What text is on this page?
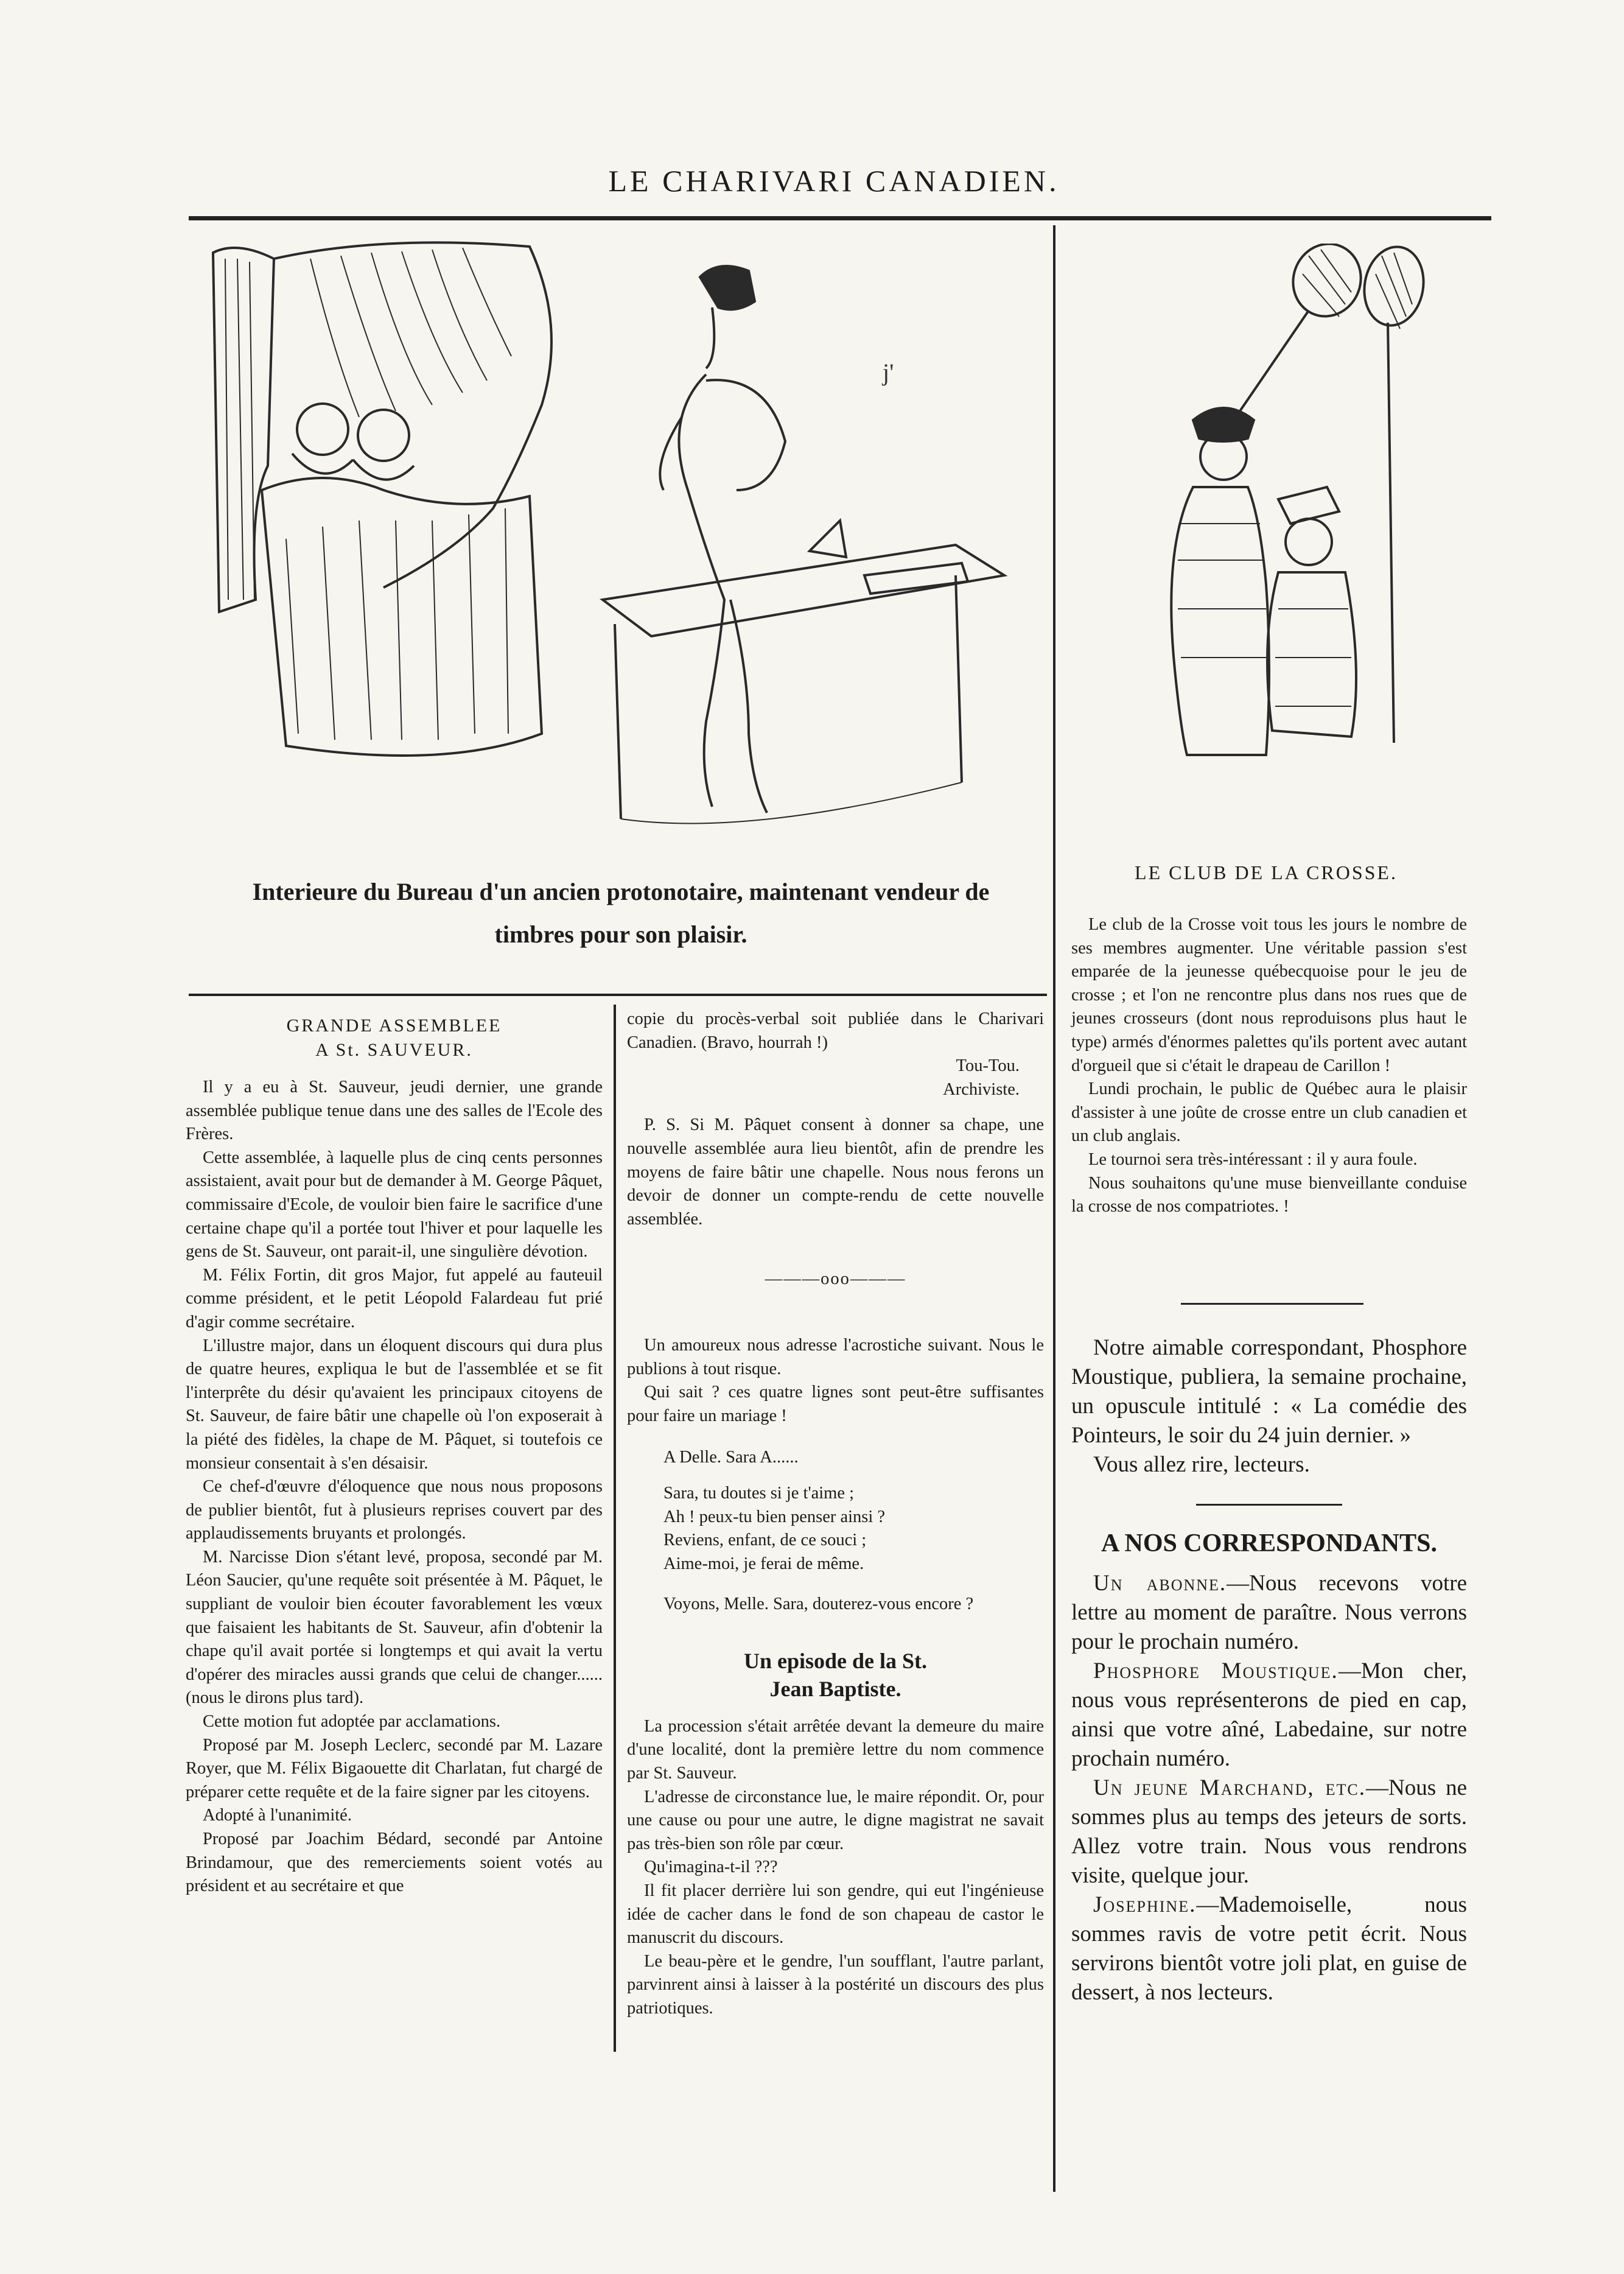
LE CHARIVARI CANADIEN.
j'
Interieure du Bureau d'un ancien protonotaire, maintenant vendeur de timbres pour son plaisir.
LE CLUB DE LA CROSSE.
GRANDE ASSEMBLEE
A St. SAUVEUR.

Il y a eu à St. Sauveur, jeudi dernier, une grande assemblée publique tenue dans une des salles de l'Ecole des Frères.

Cette assemblée, à laquelle plus de cinq cents personnes assistaient, avait pour but de demander à M. George Pâquet, commissaire d'Ecole, de vouloir bien faire le sacrifice d'une certaine chape qu'il a portée tout l'hiver et pour laquelle les gens de St. Sauveur, ont parait-il, une singulière dévotion.

M. Félix Fortin, dit gros Major, fut appelé au fauteuil comme président, et le petit Léopold Falardeau fut prié d'agir comme secrétaire.

L'illustre major, dans un éloquent discours qui dura plus de quatre heures, expliqua le but de l'assemblée et se fit l'interprête du désir qu'avaient les principaux citoyens de St. Sauveur, de faire bâtir une chapelle où l'on exposerait à la piété des fidèles, la chape de M. Pâquet, si toutefois ce monsieur consentait à s'en désaisir.

Ce chef-d'œuvre d'éloquence que nous nous proposons de publier bientôt, fut à plusieurs reprises couvert par des applaudissements bruyants et prolongés.

M. Narcisse Dion s'étant levé, proposa, secondé par M. Léon Saucier, qu'une requête soit présentée à M. Pâquet, le suppliant de vouloir bien écouter favorablement les vœux que faisaient les habitants de St. Sauveur, afin d'obtenir la chape qu'il avait portée si longtemps et qui avait la vertu d'opérer des miracles aussi grands que celui de changer......(nous le dirons plus tard).

Cette motion fut adoptée par acclamations.

Proposé par M. Joseph Leclerc, secondé par M. Lazare Royer, que M. Félix Bigaouette dit Charlatan, fut chargé de préparer cette requête et de la faire signer par les citoyens.

Adopté à l'unanimité.

Proposé par Joachim Bédard, secondé par Antoine Brindamour, que des remerciements soient votés au président et au secrétaire et que

copie du procès-verbal soit publiée dans le Charivari Canadien. (Bravo, hourrah !)

Tou-Tou.
Archiviste.

P. S. Si M. Pâquet consent à donner sa chape, une nouvelle assemblée aura lieu bientôt, afin de prendre les moyens de faire bâtir une chapelle. Nous nous ferons un devoir de donner un compte-rendu de cette nouvelle assemblée.

———ooo———

Un amoureux nous adresse l'acrostiche suivant. Nous le publions à tout risque.

Qui sait ? ces quatre lignes sont peut-être suffisantes pour faire un mariage !

A Delle. Sara A......
Sara, tu doutes si je t'aime ;
Ah ! peux-tu bien penser ainsi ?
Reviens, enfant, de ce souci ;
Aime-moi, je ferai de même.
Voyons, Melle. Sara, douterez-vous encore ?
Un episode de la St.
Jean Baptiste.

La procession s'était arrêtée devant la demeure du maire d'une localité, dont la première lettre du nom commence par St. Sauveur.

L'adresse de circonstance lue, le maire répondit. Or, pour une cause ou pour une autre, le digne magistrat ne savait pas très-bien son rôle par cœur.

Qu'imagina-t-il ???

Il fit placer derrière lui son gendre, qui eut l'ingénieuse idée de cacher dans le fond de son chapeau de castor le manuscrit du discours.

Le beau-père et le gendre, l'un soufflant, l'autre parlant, parvinrent ainsi à laisser à la postérité un discours des plus patriotiques.

Le club de la Crosse voit tous les jours le nombre de ses membres augmenter. Une véritable passion s'est emparée de la jeunesse québecquoise pour le jeu de crosse ; et l'on ne rencontre plus dans nos rues que de jeunes crosseurs (dont nous reproduisons plus haut le type) armés d'énormes palettes qu'ils portent avec autant d'orgueil que si c'était le drapeau de Carillon !

Lundi prochain, le public de Québec aura le plaisir d'assister à une joûte de crosse entre un club canadien et un club anglais.

Le tournoi sera très-intéressant : il y aura foule.

Nous souhaitons qu'une muse bienveillante conduise la crosse de nos compatriotes. !

Notre aimable correspondant, Phosphore Moustique, publiera, la semaine prochaine, un opuscule intitulé : « La comédie des Pointeurs, le soir du 24 juin dernier. »

Vous allez rire, lecteurs.

A NOS CORRESPONDANTS.

Un abonne.—Nous recevons votre lettre au moment de paraître. Nous verrons pour le prochain numéro.

Phosphore Moustique.—Mon cher, nous vous représenterons de pied en cap, ainsi que votre aîné, Labedaine, sur notre prochain numéro.

Un jeune Marchand, etc.—Nous ne sommes plus au temps des jeteurs de sorts. Allez votre train. Nous vous rendrons visite, quelque jour.

Josephine.—Mademoiselle, nous sommes ravis de votre petit écrit. Nous servirons bientôt votre joli plat, en guise de dessert, à nos lecteurs.
